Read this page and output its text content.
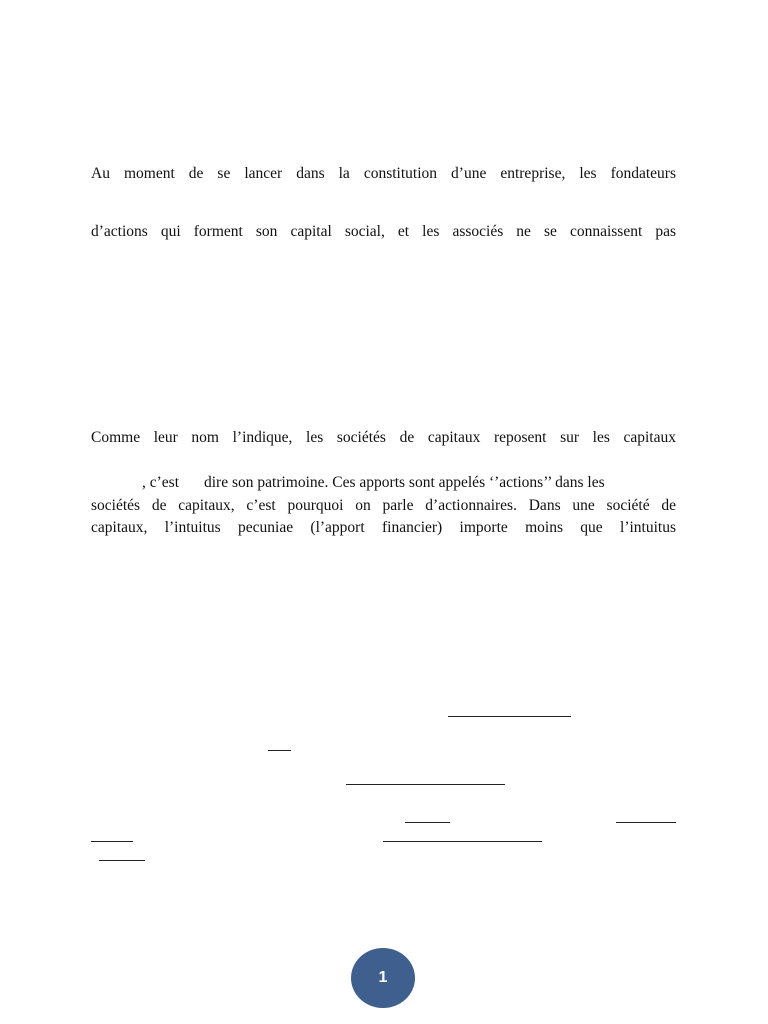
Au moment de se lancer dans la constitution d’une entreprise, les fondateurs
d’actions qui forment son capital social, et les associés ne se connaissent pas
Comme leur nom l’indique, les sociétés de capitaux reposent sur les capitaux
, c’est dire son patrimoine. Ces apports sont appelés ‘’actions’’ dans les
sociétés de capitaux, c’est pourquoi on parle d’actionnaires. Dans une société de
capitaux, l’intuitus pecuniae (l’apport financier) importe moins que l’intuitus
1
